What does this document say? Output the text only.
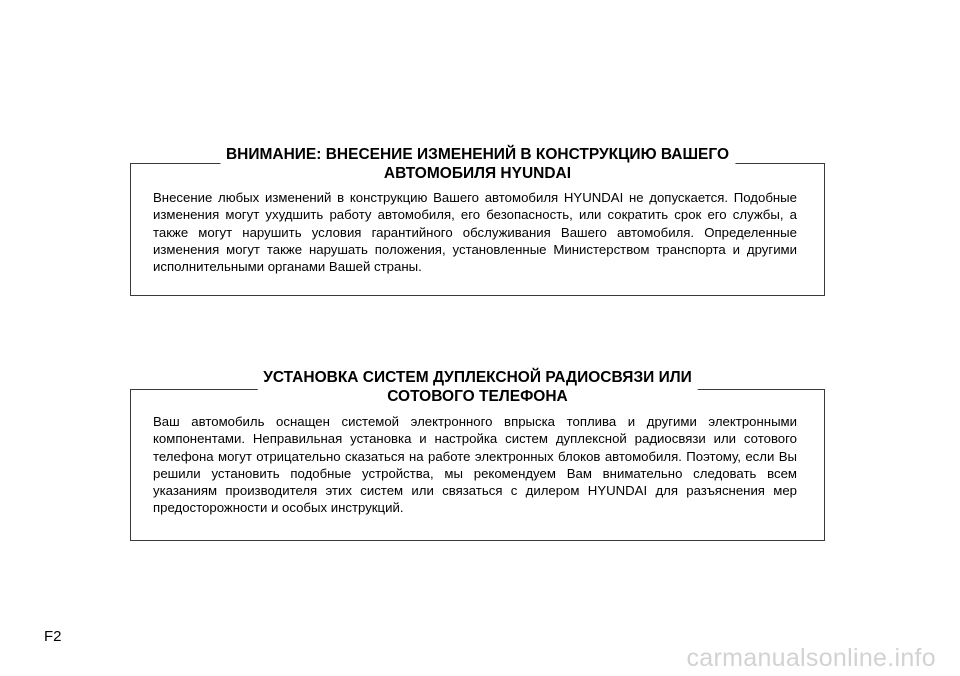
ВНИМАНИЕ: ВНЕСЕНИЕ ИЗМЕНЕНИЙ В КОНСТРУКЦИЮ ВАШЕГО
АВТОМОБИЛЯ HYUNDAI
Внесение любых изменений в конструкцию Вашего автомобиля HYUNDAI не допускается. Подобные изменения могут ухудшить работу автомобиля, его безопасность, или сократить срок его службы, а также могут нарушить условия гарантийного обслуживания Вашего автомобиля. Определенные изменения могут также нарушать положения, установленные Министерством транспорта и другими исполнительными органами Вашей страны.
УСТАНОВКА СИСТЕМ ДУПЛЕКСНОЙ РАДИОСВЯЗИ ИЛИ
СОТОВОГО ТЕЛЕФОНА
Ваш автомобиль оснащен системой электронного впрыска топлива и другими электронными компонентами. Неправильная установка и настройка систем дуплексной радиосвязи или сотового телефона могут отрицательно сказаться на работе электронных блоков автомобиля. Поэтому, если Вы решили установить подобные устройства, мы рекомендуем Вам внимательно следовать всем указаниям производителя этих систем или связаться с дилером HYUNDAI для разъяснения мер предосторожности и особых инструкций.
F2
carmanualsonline.info
